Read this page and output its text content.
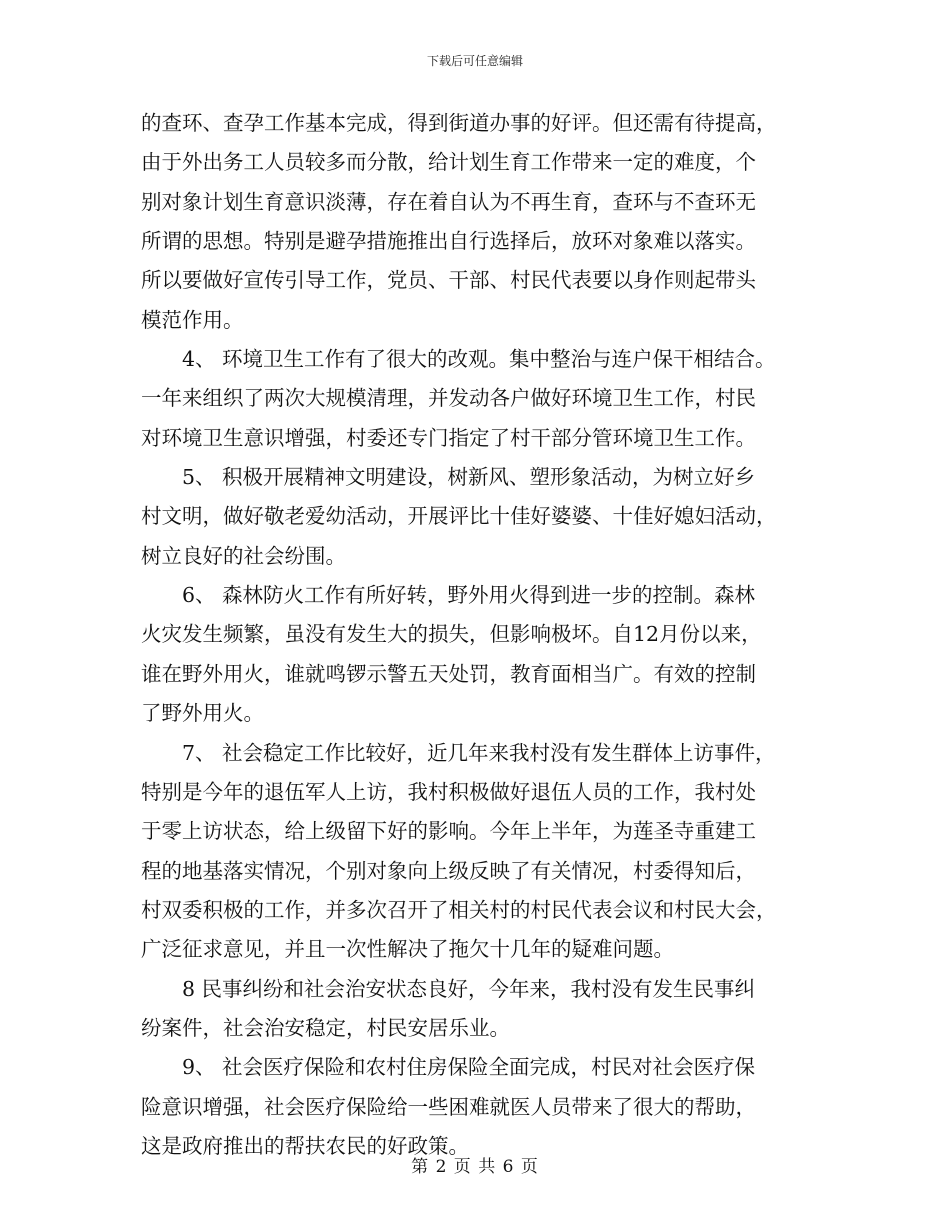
下载后可任意编辑
的查环、查孕工作基本完成，得到街道办事的好评。但还需有待提高，
由于外出务工人员较多而分散，给计划生育工作带来一定的难度，个
别对象计划生育意识淡薄，存在着自认为不再生育，查环与不查环无
所谓的思想。特别是避孕措施推出自行选择后，放环对象难以落实。
所以要做好宣传引导工作，党员、干部、村民代表要以身作则起带头
模范作用。
4、 环境卫生工作有了很大的改观。集中整治与连户保干相结合。
一年来组织了两次大规模清理，并发动各户做好环境卫生工作，村民
对环境卫生意识增强，村委还专门指定了村干部分管环境卫生工作。
5、 积极开展精神文明建设，树新风、塑形象活动，为树立好乡
村文明，做好敬老爱幼活动，开展评比十佳好婆婆、十佳好媳妇活动，
树立良好的社会纷围。
6、 森林防火工作有所好转，野外用火得到进一步的控制。森林
火灾发生频繁，虽没有发生大的损失，但影响极坏。自12月份以来，
谁在野外用火，谁就鸣锣示警五天处罚，教育面相当广。有效的控制
了野外用火。
7、 社会稳定工作比较好，近几年来我村没有发生群体上访事件，
特别是今年的退伍军人上访，我村积极做好退伍人员的工作，我村处
于零上访状态，给上级留下好的影响。今年上半年，为莲圣寺重建工
程的地基落实情况，个别对象向上级反映了有关情况，村委得知后，
村双委积极的工作，并多次召开了相关村的村民代表会议和村民大会，
广泛征求意见，并且一次性解决了拖欠十几年的疑难问题。
8 民事纠纷和社会治安状态良好，今年来，我村没有发生民事纠
纷案件，社会治安稳定，村民安居乐业。
9、 社会医疗保险和农村住房保险全面完成，村民对社会医疗保
险意识增强，社会医疗保险给一些困难就医人员带来了很大的帮助，
这是政府推出的帮扶农民的好政策。
第 2 页 共 6 页
